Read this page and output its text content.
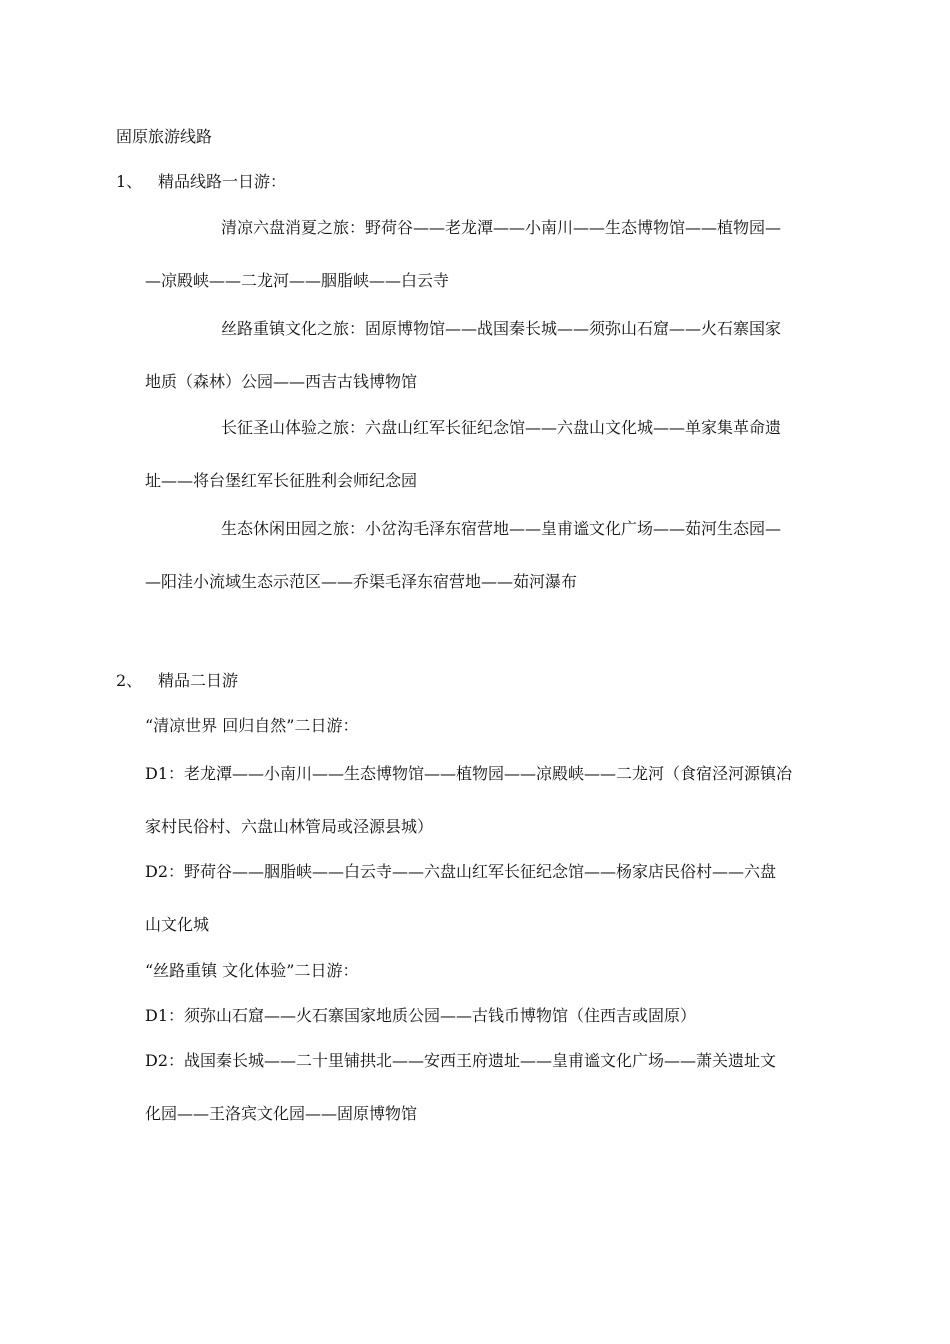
固原旅游线路
1、 精品线路一日游：
清凉六盘消夏之旅：野荷谷——老龙潭——小南川——生态博物馆——植物园—
—凉殿峡——二龙河——胭脂峡——白云寺
丝路重镇文化之旅：固原博物馆——战国秦长城——须弥山石窟——火石寨国家
地质（森林）公园——西吉古钱博物馆
长征圣山体验之旅：六盘山红军长征纪念馆——六盘山文化城——单家集革命遗
址——将台堡红军长征胜利会师纪念园
生态休闲田园之旅：小岔沟毛泽东宿营地——皇甫谧文化广场——茹河生态园—
—阳洼小流域生态示范区——乔渠毛泽东宿营地——茹河瀑布
2、 精品二日游
“清凉世界 回归自然”二日游：
D1：老龙潭——小南川——生态博物馆——植物园——凉殿峡——二龙河（食宿泾河源镇冶
家村民俗村、六盘山林管局或泾源县城）
D2：野荷谷——胭脂峡——白云寺——六盘山红军长征纪念馆——杨家店民俗村——六盘
山文化城
“丝路重镇 文化体验”二日游：
D1：须弥山石窟——火石寨国家地质公园——古钱币博物馆（住西吉或固原）
D2：战国秦长城——二十里铺拱北——安西王府遗址——皇甫谧文化广场——萧关遗址文
化园——王洛宾文化园——固原博物馆
